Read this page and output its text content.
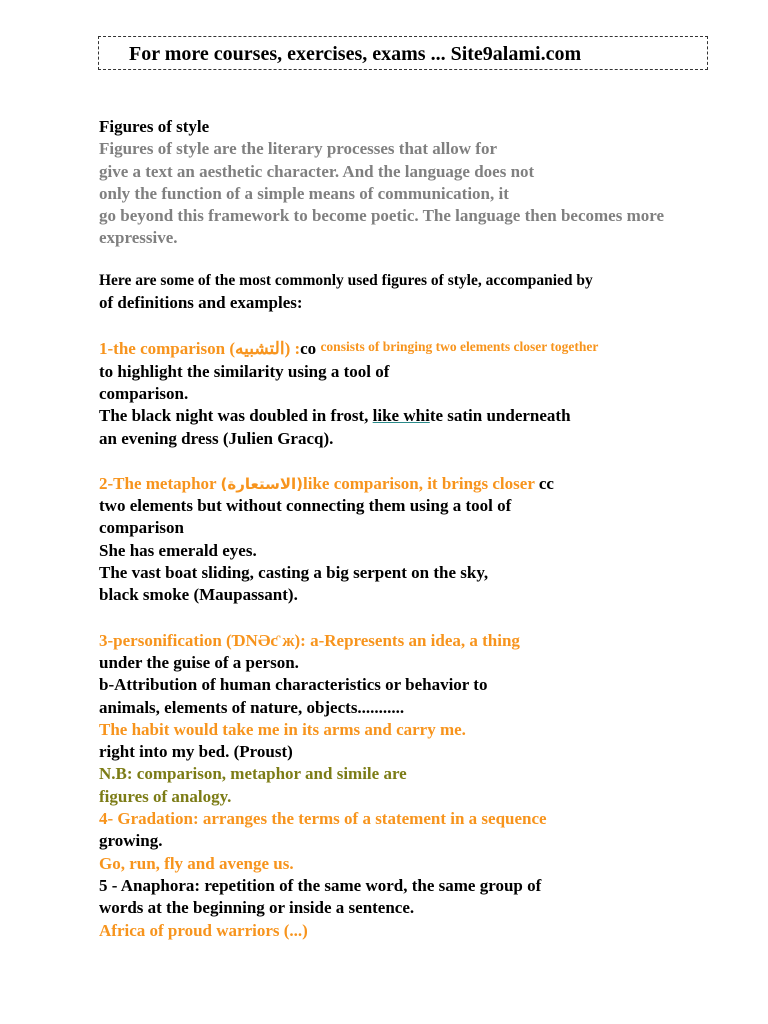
For more courses, exercises, exams ... Site9alami.com
Figures of style
Figures of style are the literary processes that allow for
give a text an aesthetic character. And the language does not
only the function of a simple means of communication, it
go beyond this framework to become poetic. The language then becomes more
expressive.
Here are some of the most commonly used figures of style, accompanied by
of definitions and examples:
1-the comparison (التشبيه) :co consists of bringing two elements closer together
to highlight the similarity using a tool of
comparison.
The black night was doubled in frost, like white satin underneath
an evening dress (Julien Gracq).
2-The metaphor (الاستعارة)like comparison, it brings closer cc
two elements but without connecting them using a tool of
comparison
She has emerald eyes.
The vast boat sliding, casting a big serpent on the sky,
black smoke (Maupassant).
3-personification (ƊNƏƈ ж): a-Represents an idea, a thing
under the guise of a person.
b-Attribution of human characteristics or behavior to
animals, elements of nature, objects...........
The habit would take me in its arms and carry me.
right into my bed. (Proust)
N.B: comparison, metaphor and simile are
figures of analogy.
4- Gradation: arranges the terms of a statement in a sequence
growing.
Go, run, fly and avenge us.
5 - Anaphora: repetition of the same word, the same group of
words at the beginning or inside a sentence.
Africa of proud warriors (...)
